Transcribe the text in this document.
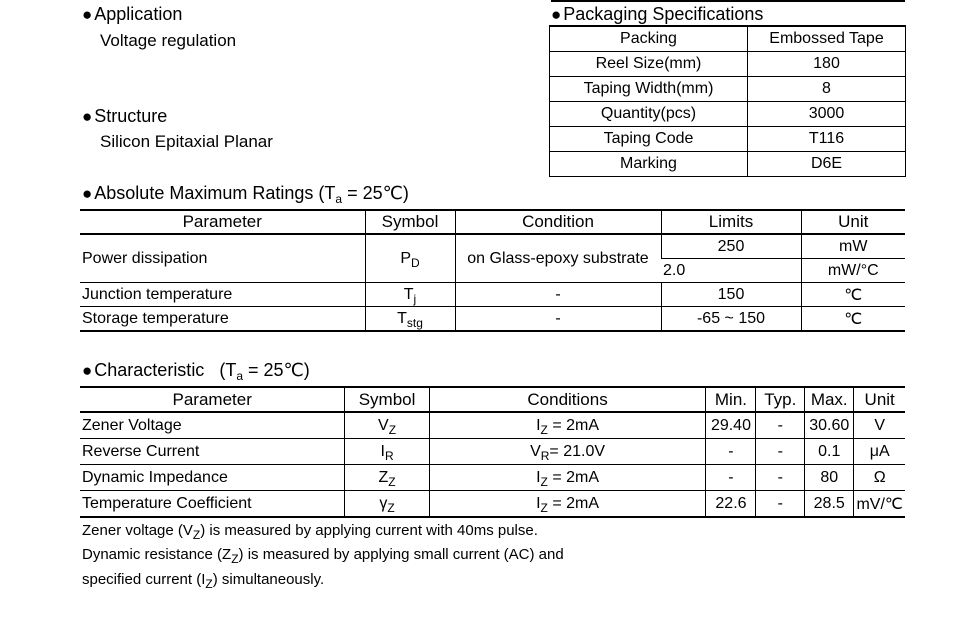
● Application
Voltage regulation
● Structure
Silicon Epitaxial Planar
● Packaging Specifications
Packing	Embossed Tape
Reel Size(mm)	180
Taping Width(mm)	8
Quantity(pcs)	3000
Taping Code	T116
Marking	D6E
● Absolute Maximum Ratings ($T_a$ = 25℃)
Parameter	Symbol	Condition	Limits	Unit
Power dissipation	$P_D$	on Glass-epoxy substrate	250	mW
			2.0	mW/°C
Junction temperature	$T_j$	-	150	℃
Storage temperature	$T_{stg}$	-	-65 ~ 150	℃
● Characteristic ($T_a$ = 25℃)
Parameter	Symbol	Conditions	Min.	Typ.	Max.	Unit
Zener Voltage	$V_Z$	$I_Z = 2mA$	29.40	-	30.60	V
Reverse Current	$I_R$	$V_R= 21.0V$	-	-	0.1	μA
Dynamic Impedance	$Z_Z$	$I_Z = 2mA$	-	-	80	Ω
Temperature Coefficient	$\gamma_Z$	$I_Z = 2mA$	22.6	-	28.5	mV/℃
Zener voltage $(V_Z)$ is measured by applying current with 40ms pulse.
Dynamic resistance $(Z_Z)$ is measured by applying small current (AC) and
specified current $(I_Z)$ simultaneously.
